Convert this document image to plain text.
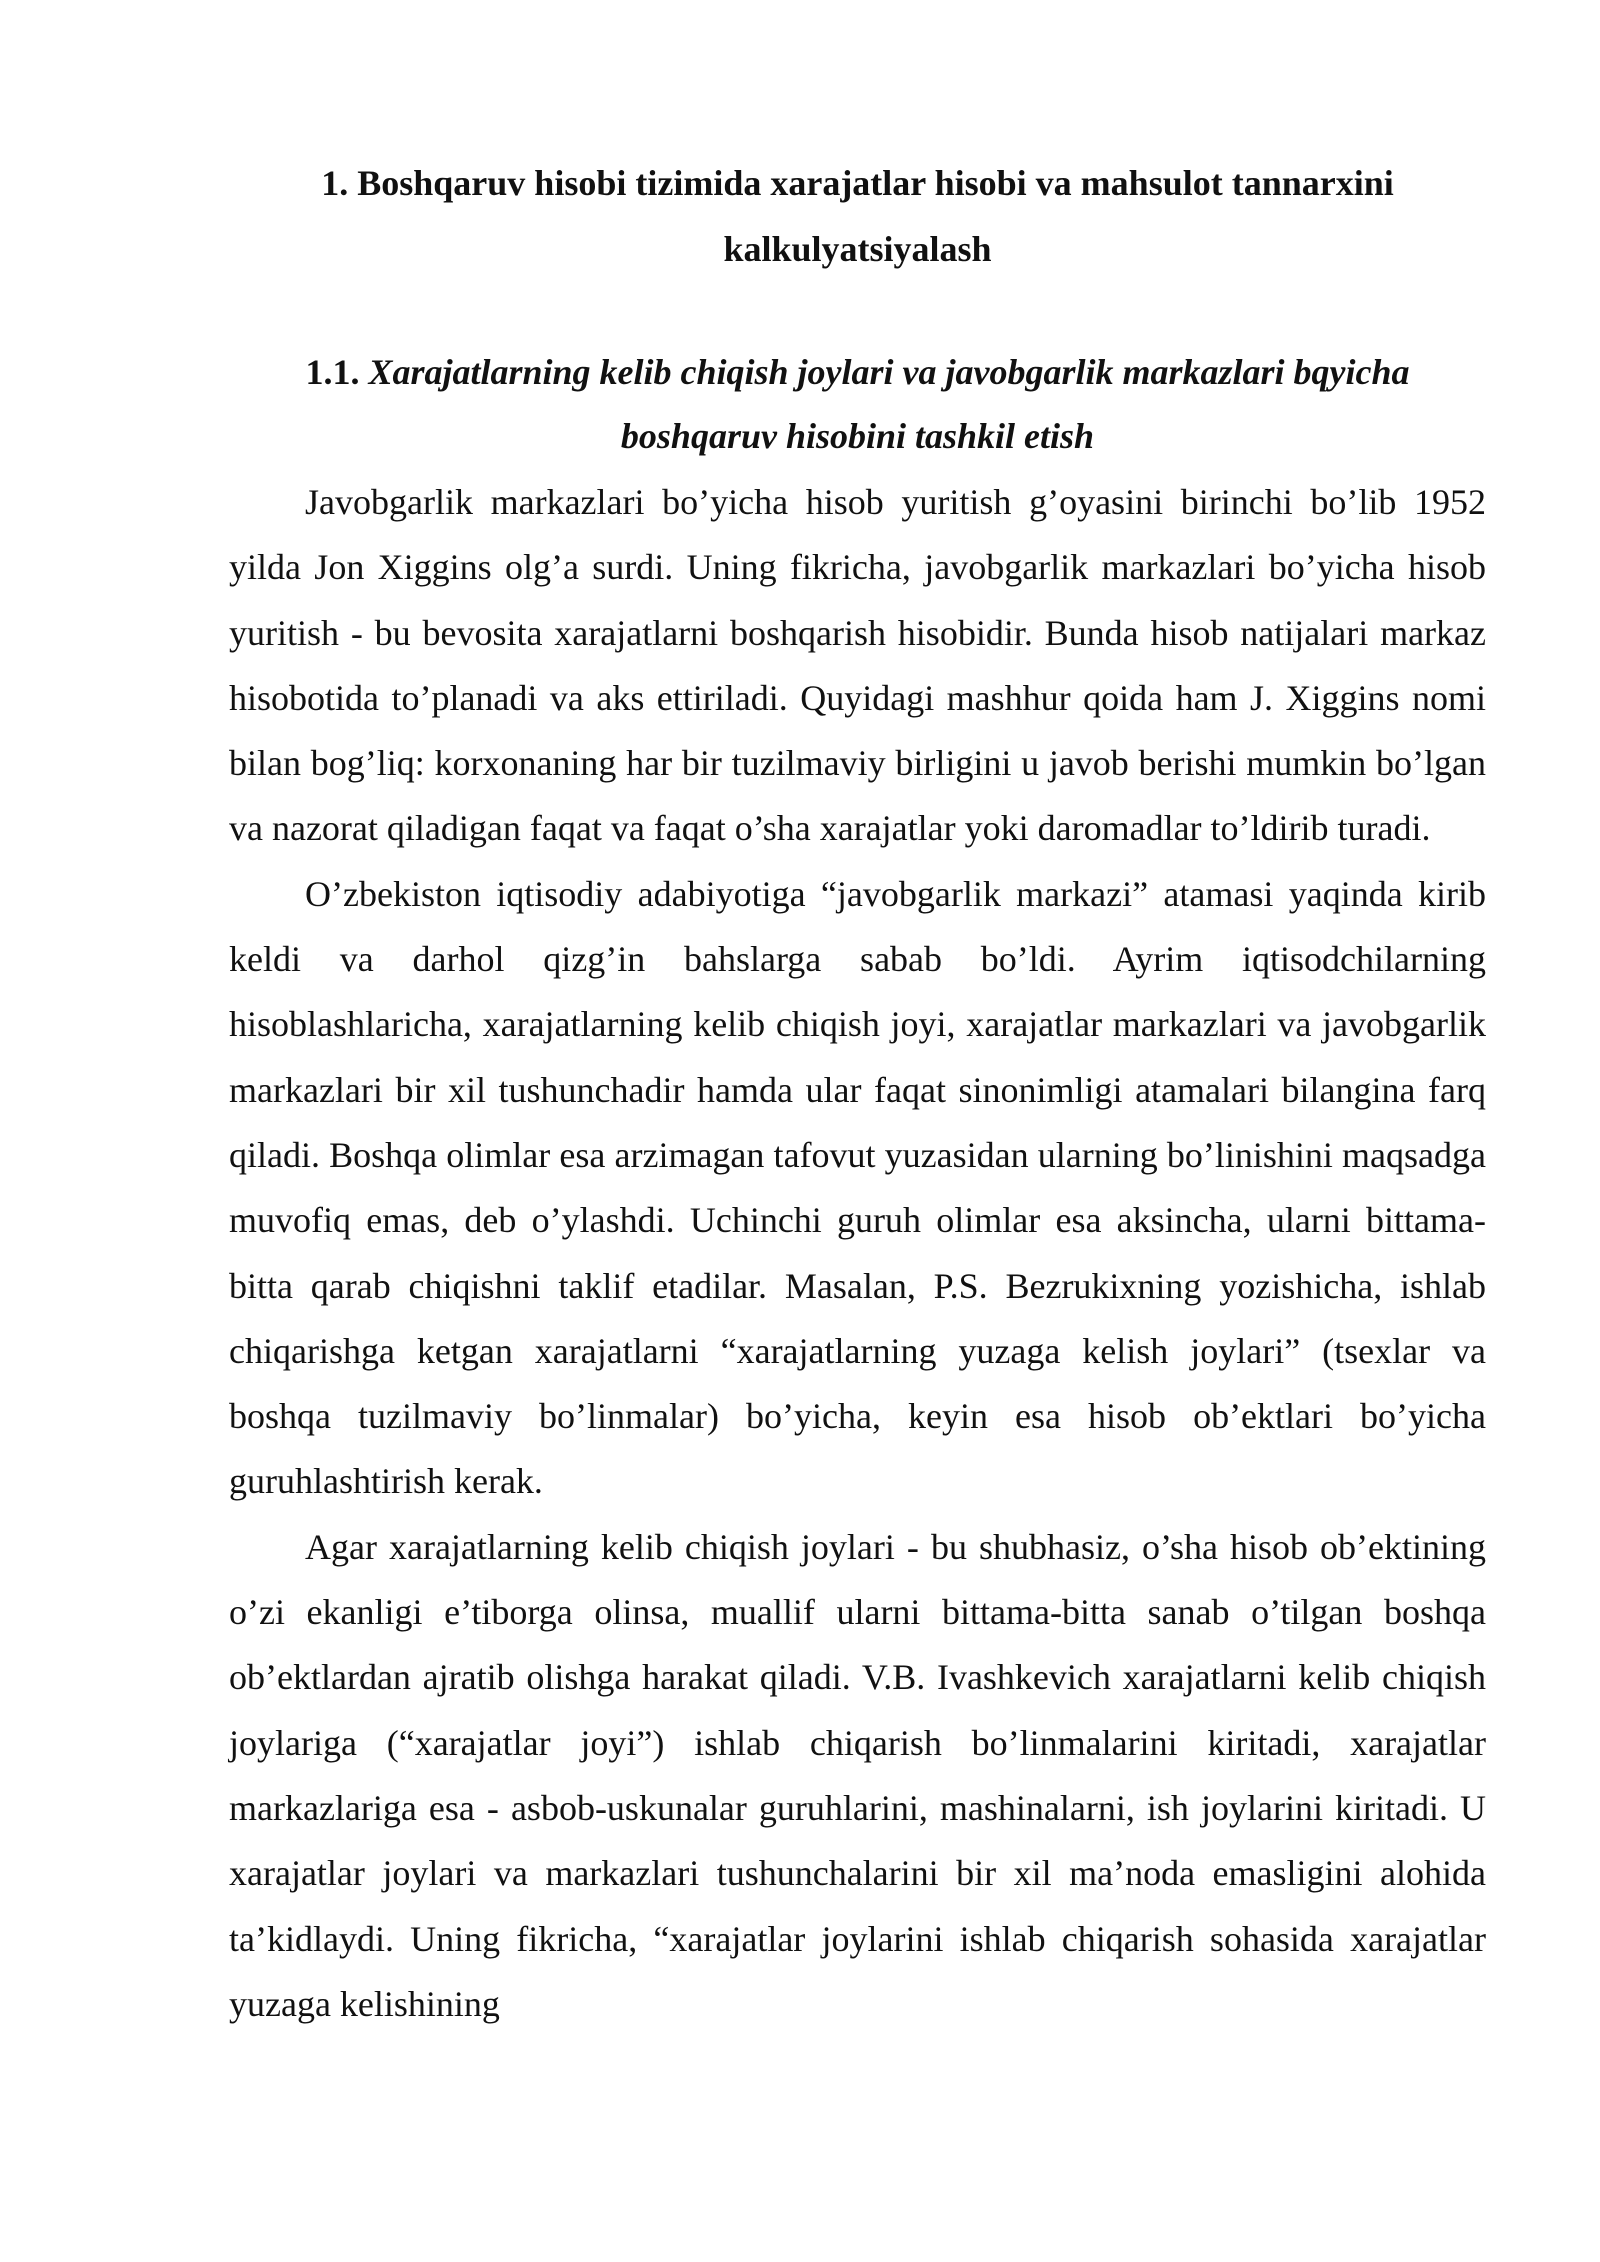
1. Boshqaruv hisobi tizimida xarajatlar hisobi va mahsulot tannarxini kalkulyatsiyalash
1.1. Xarajatlarning kelib chiqish joylari va javobgarlik markazlari bqyicha boshqaruv hisobini tashkil etish

Javobgarlik markazlari bo’yicha hisob yuritish g’oyasini birinchi bo’lib 1952 yilda Jon Xiggins olg’a surdi. Uning fikricha, javobgarlik markazlari bo’yicha hisob yuritish - bu bevosita xarajatlarni boshqarish hisobidir. Bunda hisob natijalari markaz hisobotida to’planadi va aks ettiriladi. Quyidagi mashhur qoida ham J. Xiggins nomi bilan bog’liq: korxonaning har bir tuzilmaviy birligini u javob berishi mumkin bo’lgan va nazorat qiladigan faqat va faqat o’sha xarajatlar yoki daromadlar to’ldirib turadi.

O’zbekiston iqtisodiy adabiyotiga “javobgarlik markazi” atamasi yaqinda kirib keldi va darhol qizg’in bahslarga sabab bo’ldi. Ayrim iqtisodchilarning hisoblashlaricha, xarajatlarning kelib chiqish joyi, xarajatlar markazlari va javobgarlik markazlari bir xil tushunchadir hamda ular faqat sinonimligi atamalari bilangina farq qiladi. Boshqa olimlar esa arzimagan tafovut yuzasidan ularning bo’linishini maqsadga muvofiq emas, deb o’ylashdi. Uchinchi guruh olimlar esa aksincha, ularni bittama-bitta qarab chiqishni taklif etadilar. Masalan, P.S. Bezrukixning yozishicha, ishlab chiqarishga ketgan xarajatlarni “xarajatlarning yuzaga kelish joylari” (tsexlar va boshqa tuzilmaviy bo’linmalar) bo’yicha, keyin esa hisob ob’ektlari bo’yicha guruhlashtirish kerak.

Agar xarajatlarning kelib chiqish joylari - bu shubhasiz, o’sha hisob ob’ektining o’zi ekanligi e’tiborga olinsa, muallif ularni bittama-bitta sanab o’tilgan boshqa ob’ektlardan ajratib olishga harakat qiladi. V.B. Ivashkevich xarajatlarni kelib chiqish joylariga (“xarajatlar joyi”) ishlab chiqarish bo’linmalarini kiritadi, xarajatlar markazlariga esa - asbob-uskunalar guruhlarini, mashinalarni, ish joylarini kiritadi. U xarajatlar joylari va markazlari tushunchalarini bir xil ma’noda emasligini alohida ta’kidlaydi. Uning fikricha, “xarajatlar joylarini ishlab chiqarish sohasida xarajatlar yuzaga kelishining
